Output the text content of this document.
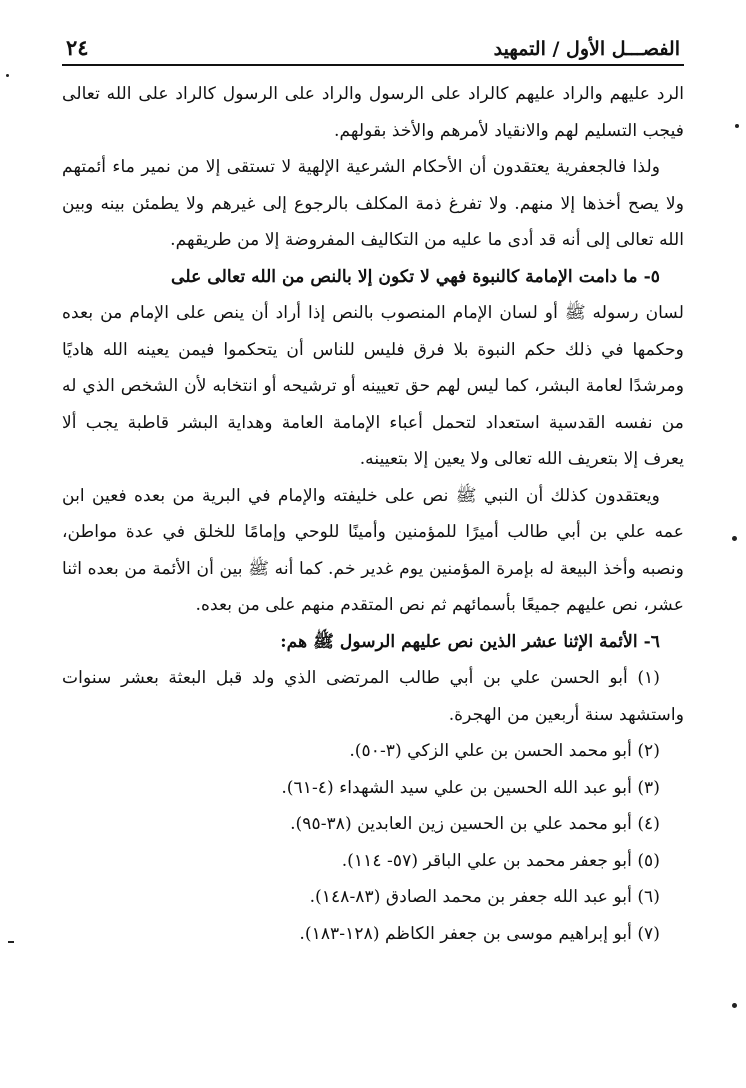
الفصـــل الأول / التمهيد
٢٤

الرد عليهم والراد عليهم كالراد على الرسول والراد على الرسول كالراد على الله تعالى فيجب التسليم لهم والانقياد لأمرهم والأخذ بقولهم.

ولذا فالجعفرية يعتقدون أن الأحكام الشرعية الإلهية لا تستقى إلا من نمير ماء أئمتهم ولا يصح أخذها إلا منهم. ولا تفرغ ذمة المكلف بالرجوع إلى غيرهم ولا يطمئن بينه وبين الله تعالى إلى أنه قد أدى ما عليه من التكاليف المفروضة إلا من طريقهم.

٥- ما دامت الإمامة كالنبوة فهي لا تكون إلا بالنص من الله تعالى على

لسان رسوله ﷺ أو لسان الإمام المنصوب بالنص إذا أراد أن ينص على الإمام من بعده وحكمها في ذلك حكم النبوة بلا فرق فليس للناس أن يتحكموا فيمن يعينه الله هاديًا ومرشدًا لعامة البشر، كما ليس لهم حق تعيينه أو ترشيحه أو انتخابه لأن الشخص الذي له من نفسه القدسية استعداد لتحمل أعباء الإمامة العامة وهداية البشر قاطبة يجب ألا يعرف إلا بتعريف الله تعالى ولا يعين إلا بتعيينه.

ويعتقدون كذلك أن النبي ﷺ نص على خليفته والإمام في البرية من بعده فعين ابن عمه علي بن أبي طالب أميرًا للمؤمنين وأمينًا للوحي وإمامًا للخلق في عدة مواطن، ونصبه وأخذ البيعة له بإمرة المؤمنين يوم غدير خم. كما أنه ﷺ بين أن الأئمة من بعده اثنا عشر، نص عليهم جميعًا بأسمائهم ثم نص المتقدم منهم على من بعده.

٦- الأئمة الإثنا عشر الذين نص عليهم الرسول ﷺ هم:

(١) أبو الحسن علي بن أبي طالب المرتضى الذي ولد قبل البعثة بعشر سنوات واستشهد سنة أربعين من الهجرة.

(٢) أبو محمد الحسن بن علي الزكي (٣-٥٠).

(٣) أبو عبد الله الحسين بن علي سيد الشهداء (٤-٦١).

(٤) أبو محمد علي بن الحسين زين العابدين (٣٨-٩٥).

(٥) أبو جعفر محمد بن علي الباقر (٥٧- ١١٤).

(٦) أبو عبد الله جعفر بن محمد الصادق (٨٣-١٤٨).

(٧) أبو إبراهيم موسى بن جعفر الكاظم (١٢٨-١٨٣).
